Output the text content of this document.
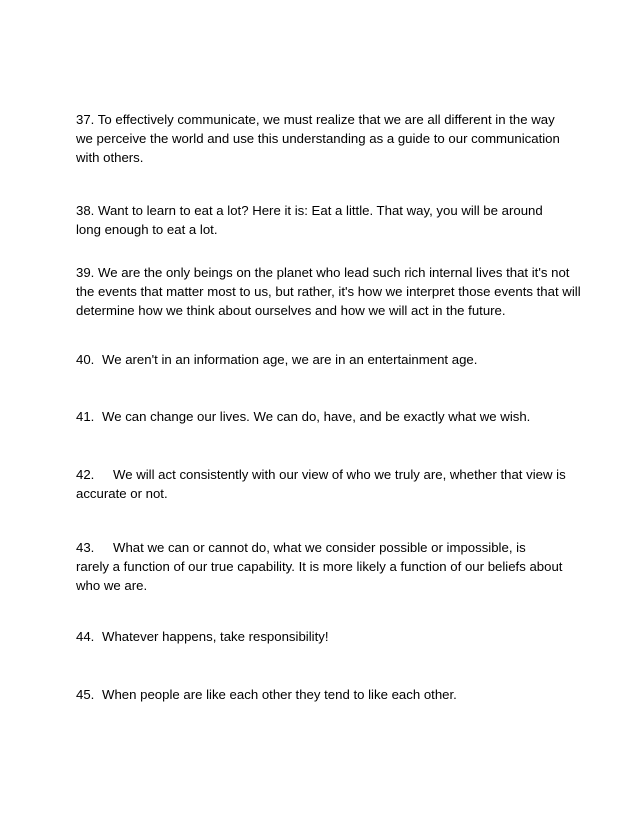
37. To effectively communicate, we must realize that we are all different in the way
we perceive the world and use this understanding as a guide to our communication
with others.

38. Want to learn to eat a lot? Here it is: Eat a little. That way, you will be around
long enough to eat a lot.

39. We are the only beings on the planet who lead such rich internal lives that it's not
the events that matter most to us, but rather, it's how we interpret those events that will
determine how we think about ourselves and how we will act in the future.

40. We aren't in an information age, we are in an entertainment age.

41. We can change our lives. We can do, have, and be exactly what we wish.

42. We will act consistently with our view of who we truly are, whether that view is
accurate or not.

43. What we can or cannot do, what we consider possible or impossible, is
rarely a function of our true capability. It is more likely a function of our beliefs about
who we are.

44. Whatever happens, take responsibility!

45. When people are like each other they tend to like each other.
